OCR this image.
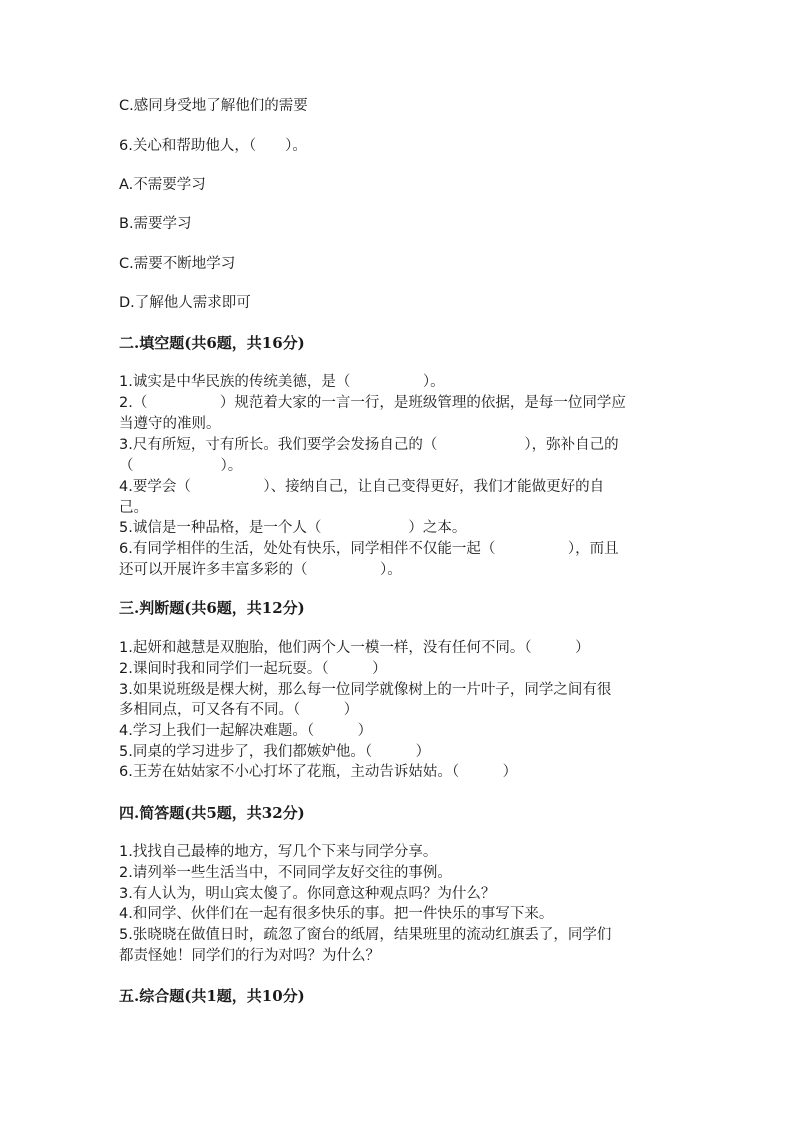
C.感同身受地了解他们的需要
6.关心和帮助他人，（　　）。
A.不需要学习
B.需要学习
C.需要不断地学习
D.了解他人需求即可
二.填空题(共6题，共16分)
1.诚实是中华民族的传统美德，是（　　　　　）。
2.（　　　　　）规范着大家的一言一行，是班级管理的依据，是每一位同学应
当遵守的准则。
3.尺有所短，寸有所长。我们要学会发扬自己的（　　　　　　），弥补自己的
（　　　　　　）。
4.要学会（　　　　　）、接纳自己，让自己变得更好，我们才能做更好的自
己。
5.诚信是一种品格，是一个人（　　　　　　）之本。
6.有同学相伴的生活，处处有快乐，同学相伴不仅能一起（　　　　　），而且
还可以开展许多丰富多彩的（　　　　　）。
三.判断题(共6题，共12分)
1.起妍和越慧是双胞胎，他们两个人一模一样，没有任何不同。（　　　）
2.课间时我和同学们一起玩耍。（　　　）
3.如果说班级是棵大树，那么每一位同学就像树上的一片叶子，同学之间有很
多相同点，可又各有不同。（　　　）
4.学习上我们一起解决难题。（　　　）
5.同桌的学习进步了，我们都嫉妒他。（　　　）
6.王芳在姑姑家不小心打坏了花瓶，主动告诉姑姑。（　　　）
四.简答题(共5题，共32分)
1.找找自己最棒的地方，写几个下来与同学分享。
2.请列举一些生活当中，不同同学友好交往的事例。
3.有人认为，明山宾太傻了。你同意这种观点吗？为什么？
4.和同学、伙伴们在一起有很多快乐的事。把一件快乐的事写下来。
5.张晓晓在做值日时，疏忽了窗台的纸屑，结果班里的流动红旗丢了，同学们
都责怪她！同学们的行为对吗？为什么？
五.综合题(共1题，共10分)
